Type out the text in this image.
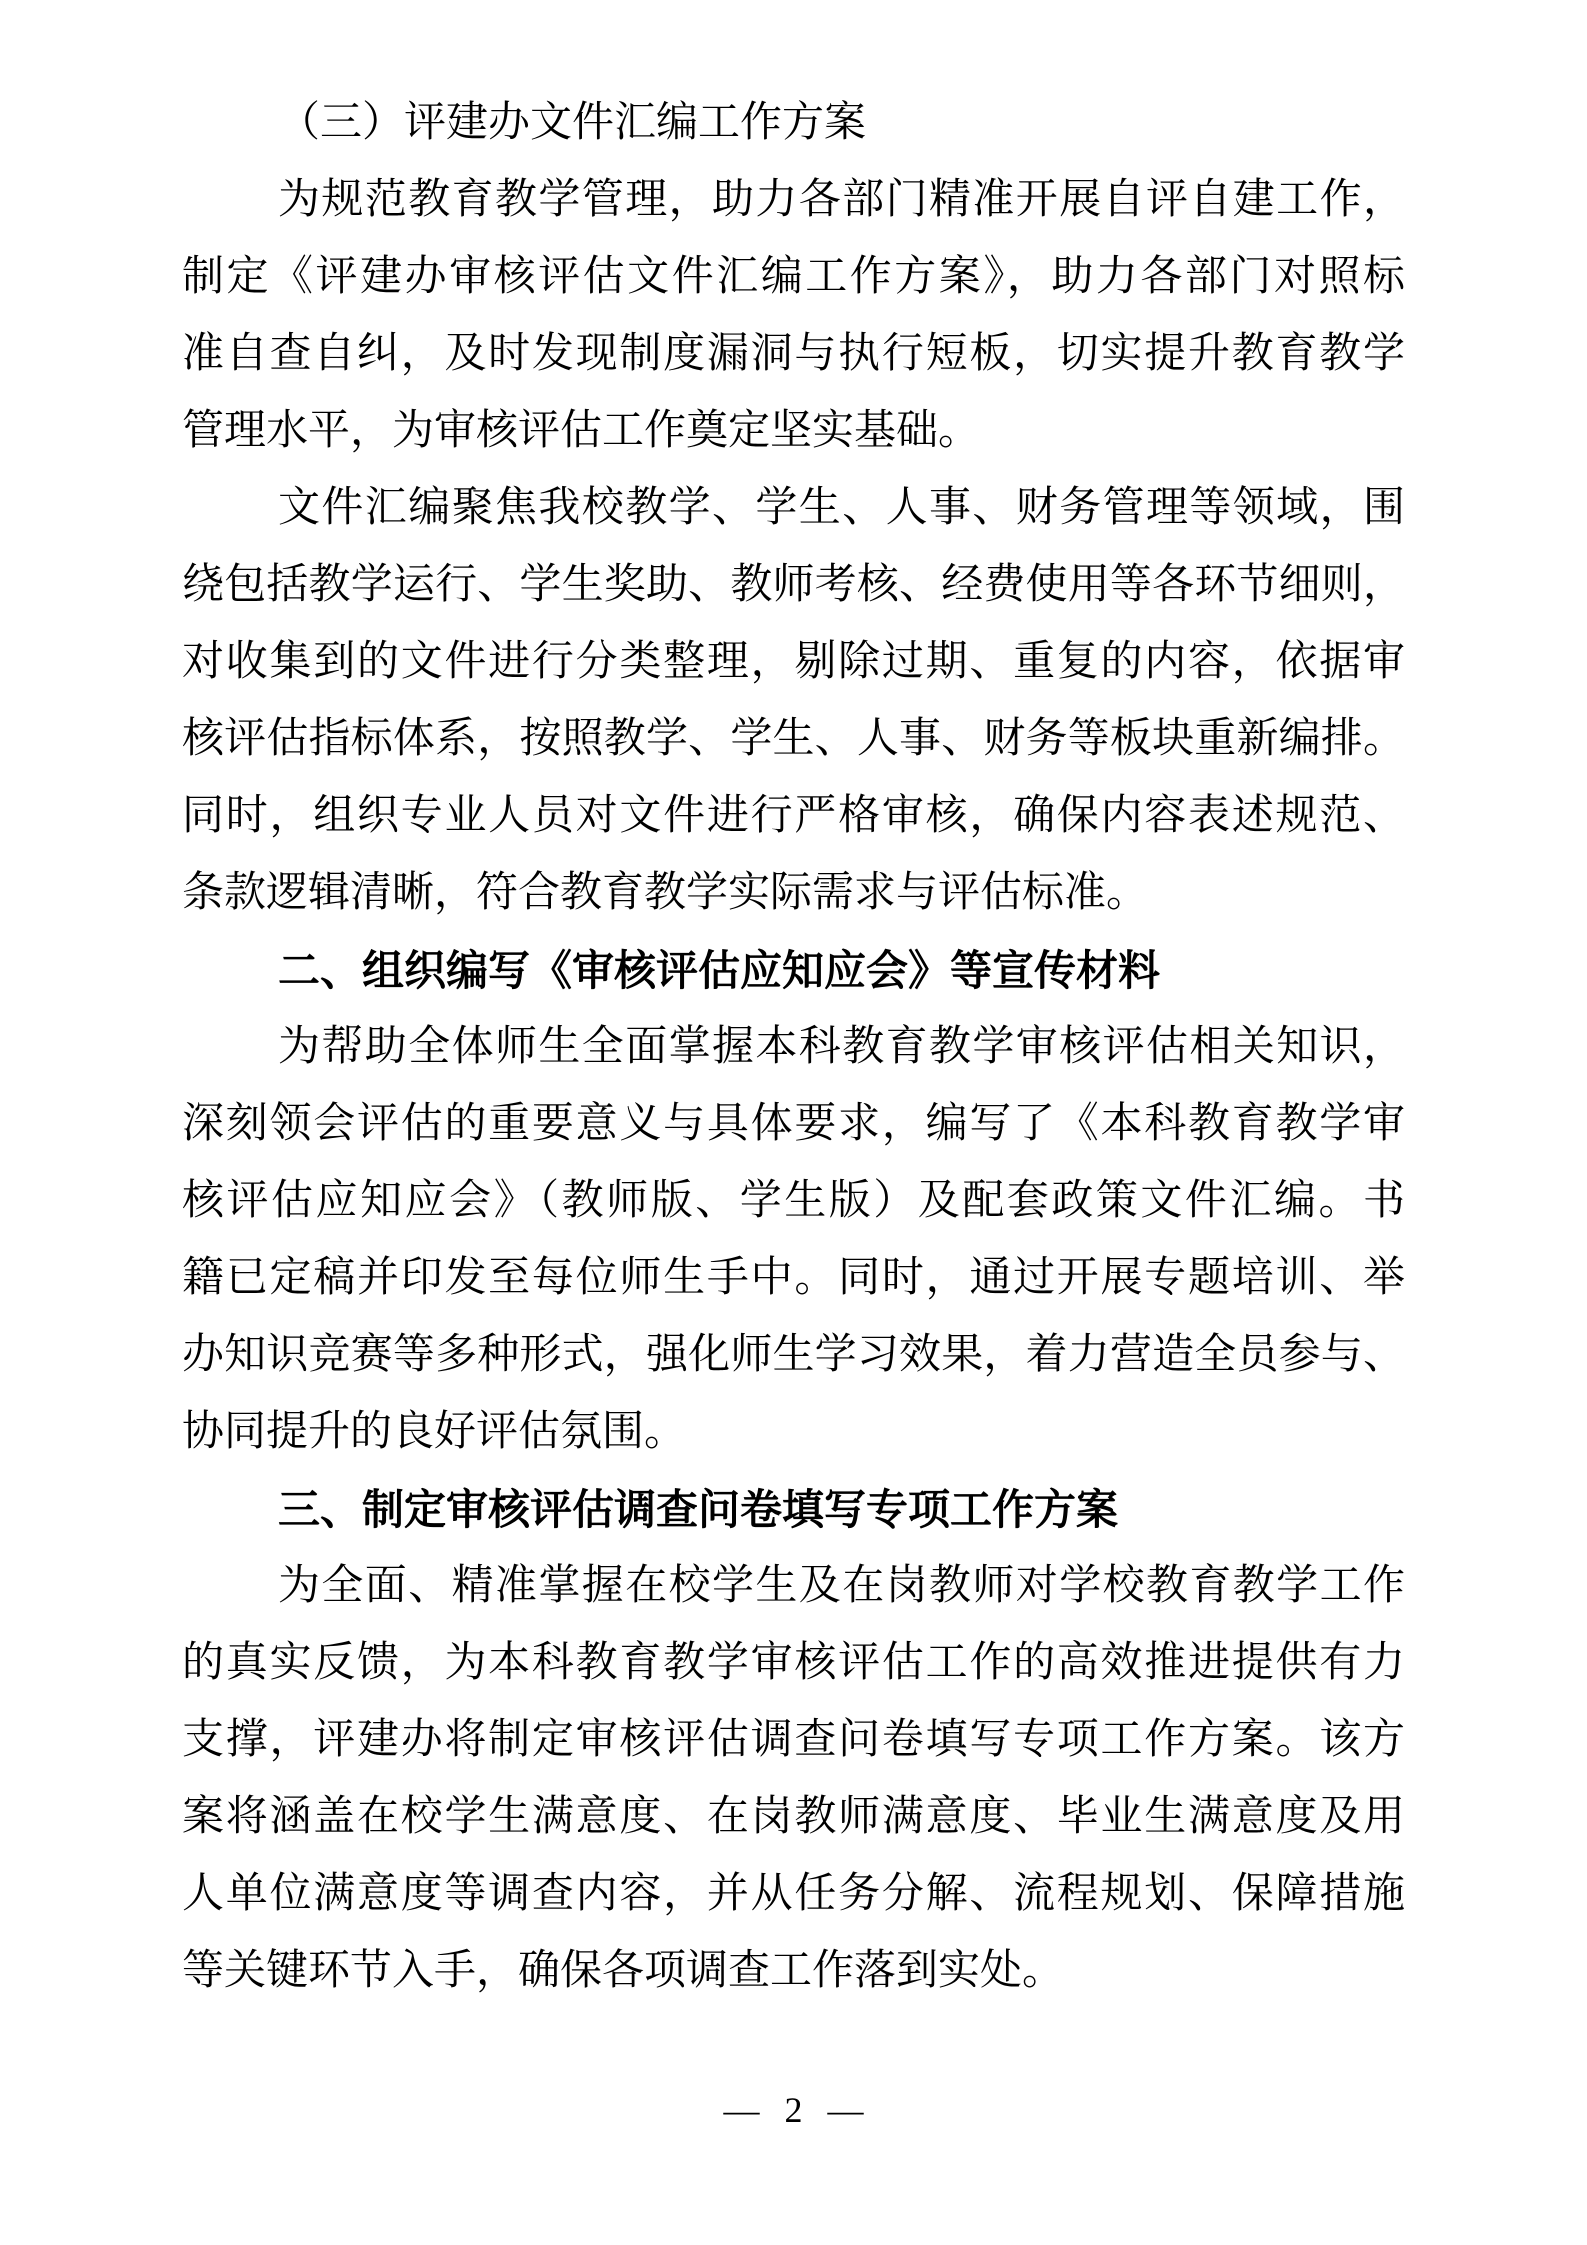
（三）评建办文件汇编工作方案
为规范教育教学管理，助力各部门精准开展自评自建工作，
制定《评建办审核评估文件汇编工作方案》，助力各部门对照标
准自查自纠，及时发现制度漏洞与执行短板，切实提升教育教学
管理水平，为审核评估工作奠定坚实基础。
文件汇编聚焦我校教学、学生、人事、财务管理等领域，围
绕包括教学运行、学生奖助、教师考核、经费使用等各环节细则，
对收集到的文件进行分类整理，剔除过期、重复的内容，依据审
核评估指标体系，按照教学、学生、人事、财务等板块重新编排。
同时，组织专业人员对文件进行严格审核，确保内容表述规范、
条款逻辑清晰，符合教育教学实际需求与评估标准。
二、组织编写《审核评估应知应会》等宣传材料
为帮助全体师生全面掌握本科教育教学审核评估相关知识，
深刻领会评估的重要意义与具体要求，编写了《本科教育教学审
核评估应知应会》（教师版、学生版）及配套政策文件汇编。书
籍已定稿并印发至每位师生手中。同时，通过开展专题培训、举
办知识竞赛等多种形式，强化师生学习效果，着力营造全员参与、
协同提升的良好评估氛围。
三、制定审核评估调查问卷填写专项工作方案
为全面、精准掌握在校学生及在岗教师对学校教育教学工作
的真实反馈，为本科教育教学审核评估工作的高效推进提供有力
支撑，评建办将制定审核评估调查问卷填写专项工作方案。该方
案将涵盖在校学生满意度、在岗教师满意度、毕业生满意度及用
人单位满意度等调查内容，并从任务分解、流程规划、保障措施
等关键环节入手，确保各项调查工作落到实处。
— 2 —
